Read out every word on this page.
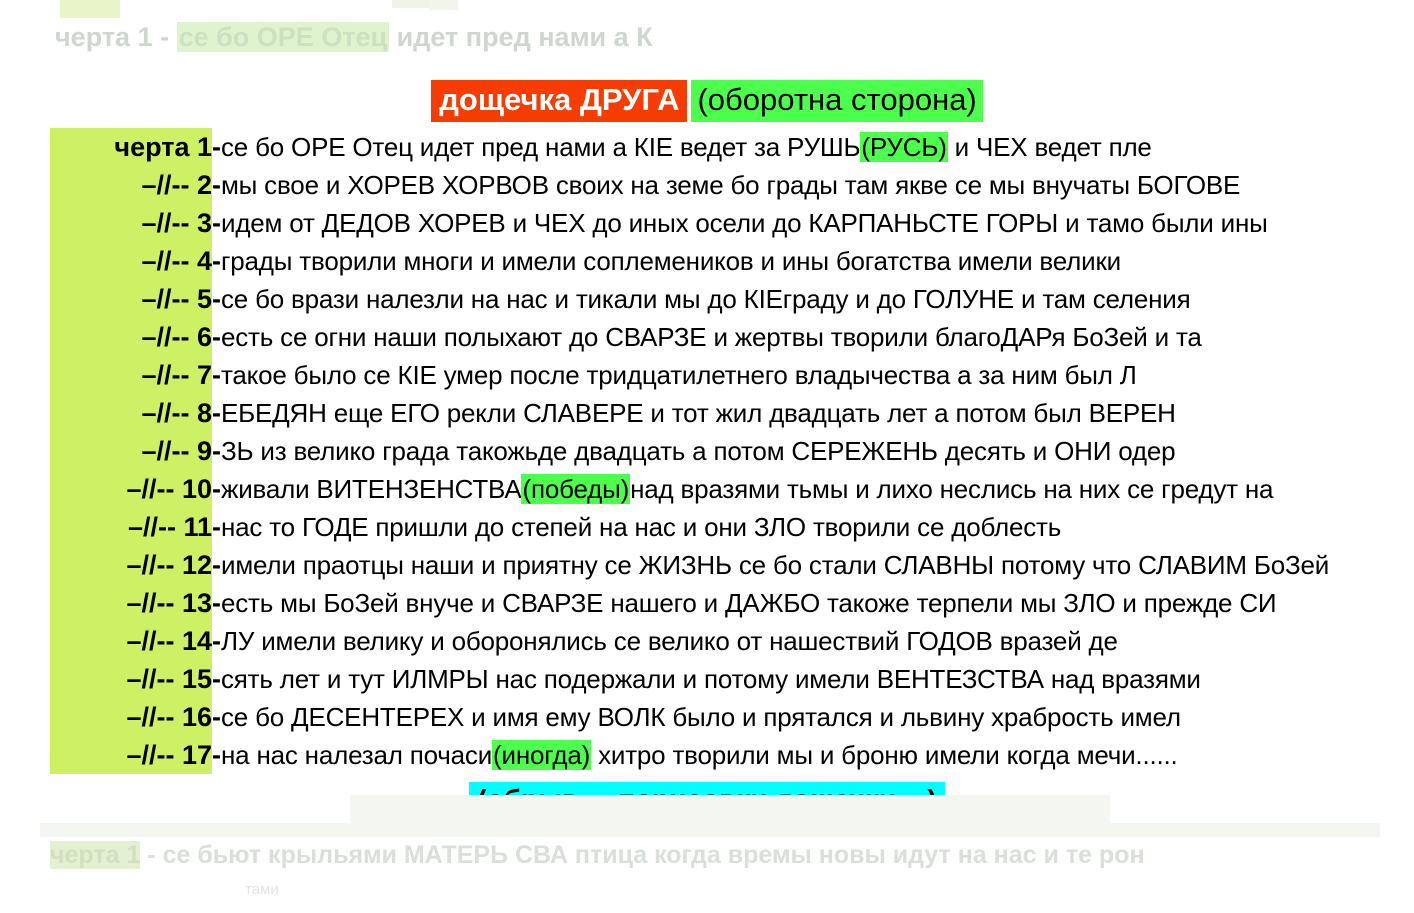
черта 1 - се бо ОРЕ Отец идет пред нами а К
дощечка ДРУГА (оборотна сторона)
черта 1	-	се бо ОРЕ Отец идет пред нами а КIЕ ведет за РУШЬ(РУСЬ) и ЧЕХ ведет пле
–//-- 2	-	мы свое и ХОРЕВ ХОРВОВ своих на земе бо грады там якве се мы внучаты БОГОВЕ
–//-- 3	-	идем от ДЕДОВ ХОРЕВ и ЧЕХ до иных осели до КАРПАНЬСТЕ ГОРЫ и тамо были ины
–//-- 4	-	грады творили многи и имели соплемеников и ины богатства имели велики
–//-- 5	-	се бо врази налезли на нас и тикали мы до КIЕграду и до ГОЛУНЕ и там селения
–//-- 6	-	есть се огни наши полыхают до СВАРЗЕ и жертвы творили благоДАРя БоЗей и та
–//-- 7	-	такое было се КIЕ умер после тридцатилетнего владычества а за ним был Л
–//-- 8	-	ЕБЕДЯН еще ЕГО рекли СЛАВЕРЕ и тот жил двадцать лет а потом был ВЕРЕН
–//-- 9	-	ЗЬ из велико града такожьде двадцать а потом СЕРЕЖЕНЬ десять и ОНИ одер
–//-- 10	-	живали ВИТЕНЗЕНСТВА(победы)над вразями тьмы и лихо неслись на них се гредут на
–//-- 11	-	нас то ГОДЕ пришли до степей на нас и они ЗЛО творили се доблесть
–//-- 12	-	имели праотцы наши и приятну се ЖИЗНЬ се бо стали СЛАВНЫ потому что СЛАВИМ БоЗей
–//-- 13	-	есть мы БоЗей внуче и СВАРЗЕ нашего и ДАЖБО такоже терпели мы ЗЛО и прежде СИ
–//-- 14	-	ЛУ имели велику и оборонялись се велико от нашествий ГОДОВ вразей де
–//-- 15	-	сять лет и тут ИЛМРЫ нас подержали и потому имели ВЕНТЕЗСТВА над вразями
–//-- 16	-	се бо ДЕСЕНТЕРЕХ и имя ему ВОЛК было и прятался и львину храбрость имел
–//-- 17	-	на нас налезал почаси(иногда) хитро творили мы и броню имели когда мечи......
черта 1 - се бьют крыльями МАТЕРЬ СВА птица когда времы новы идут на нас и те рон
тами
